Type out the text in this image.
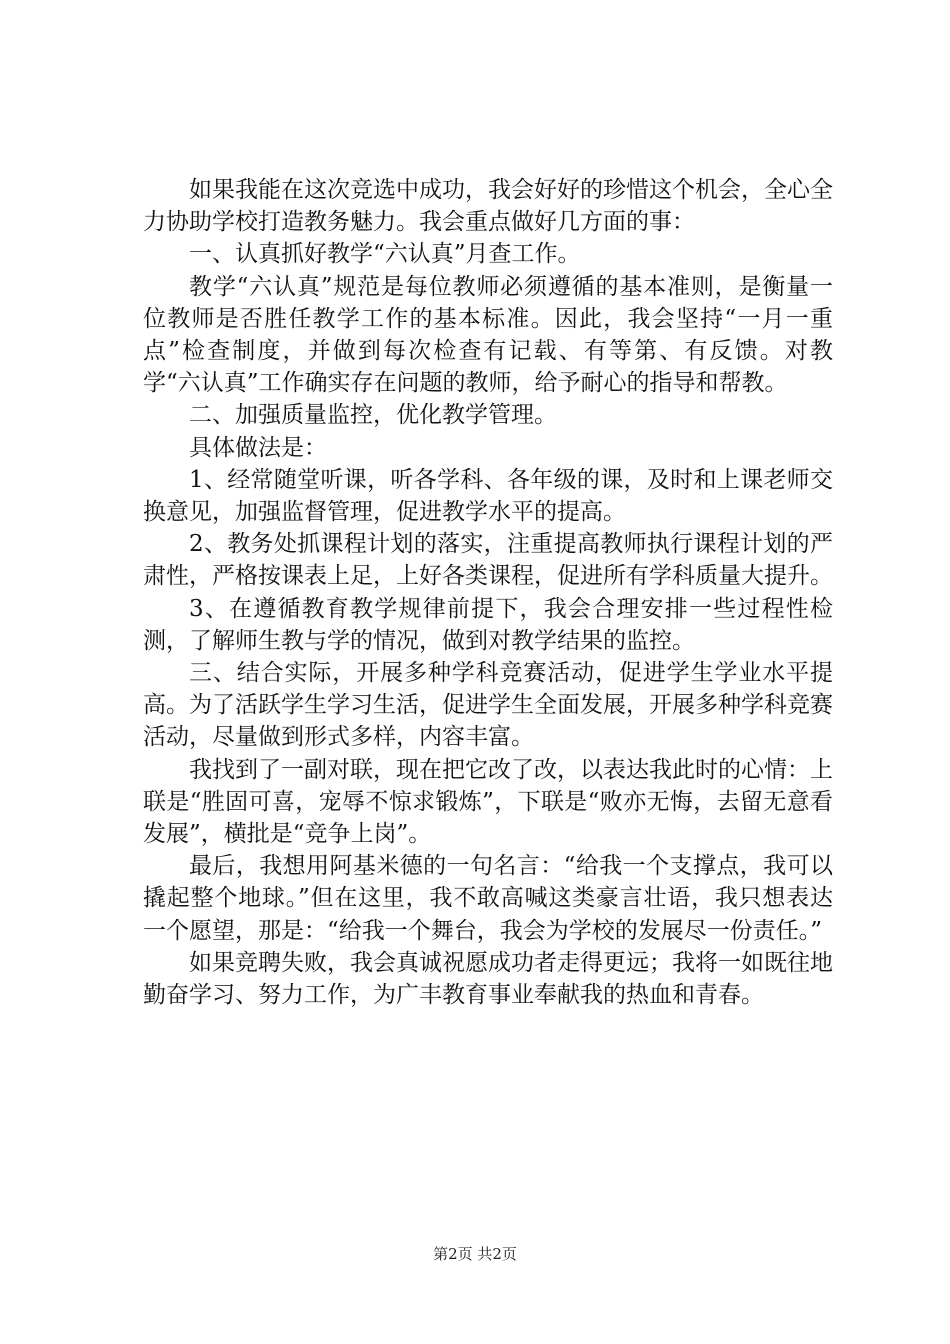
如果我能在这次竞选中成功，我会好好的珍惜这个机会，全心全力协助学校打造教务魅力。我会重点做好几方面的事：

一、认真抓好教学“六认真”月查工作。

教学“六认真”规范是每位教师必须遵循的基本准则，是衡量一位教师是否胜任教学工作的基本标准。因此，我会坚持“一月一重点”检查制度，并做到每次检查有记载、有等第、有反馈。对教学“六认真”工作确实存在问题的教师，给予耐心的指导和帮教。

二、加强质量监控，优化教学管理。

具体做法是：

1、经常随堂听课，听各学科、各年级的课，及时和上课老师交换意见，加强监督管理，促进教学水平的提高。

2、教务处抓课程计划的落实，注重提高教师执行课程计划的严肃性，严格按课表上足，上好各类课程，促进所有学科质量大提升。

3、在遵循教育教学规律前提下，我会合理安排一些过程性检测，了解师生教与学的情况，做到对教学结果的监控。

三、结合实际，开展多种学科竞赛活动，促进学生学业水平提高。为了活跃学生学习生活，促进学生全面发展，开展多种学科竞赛活动，尽量做到形式多样，内容丰富。

我找到了一副对联，现在把它改了改，以表达我此时的心情：上联是“胜固可喜，宠辱不惊求锻炼”，下联是“败亦无悔，去留无意看发展”，横批是“竞争上岗”。

最后，我想用阿基米德的一句名言：“给我一个支撑点，我可以撬起整个地球。”但在这里，我不敢高喊这类豪言壮语，我只想表达一个愿望，那是：“给我一个舞台，我会为学校的发展尽一份责任。”

如果竞聘失败，我会真诚祝愿成功者走得更远；我将一如既往地勤奋学习、努力工作，为广丰教育事业奉献我的热血和青春。

第2页 共2页
